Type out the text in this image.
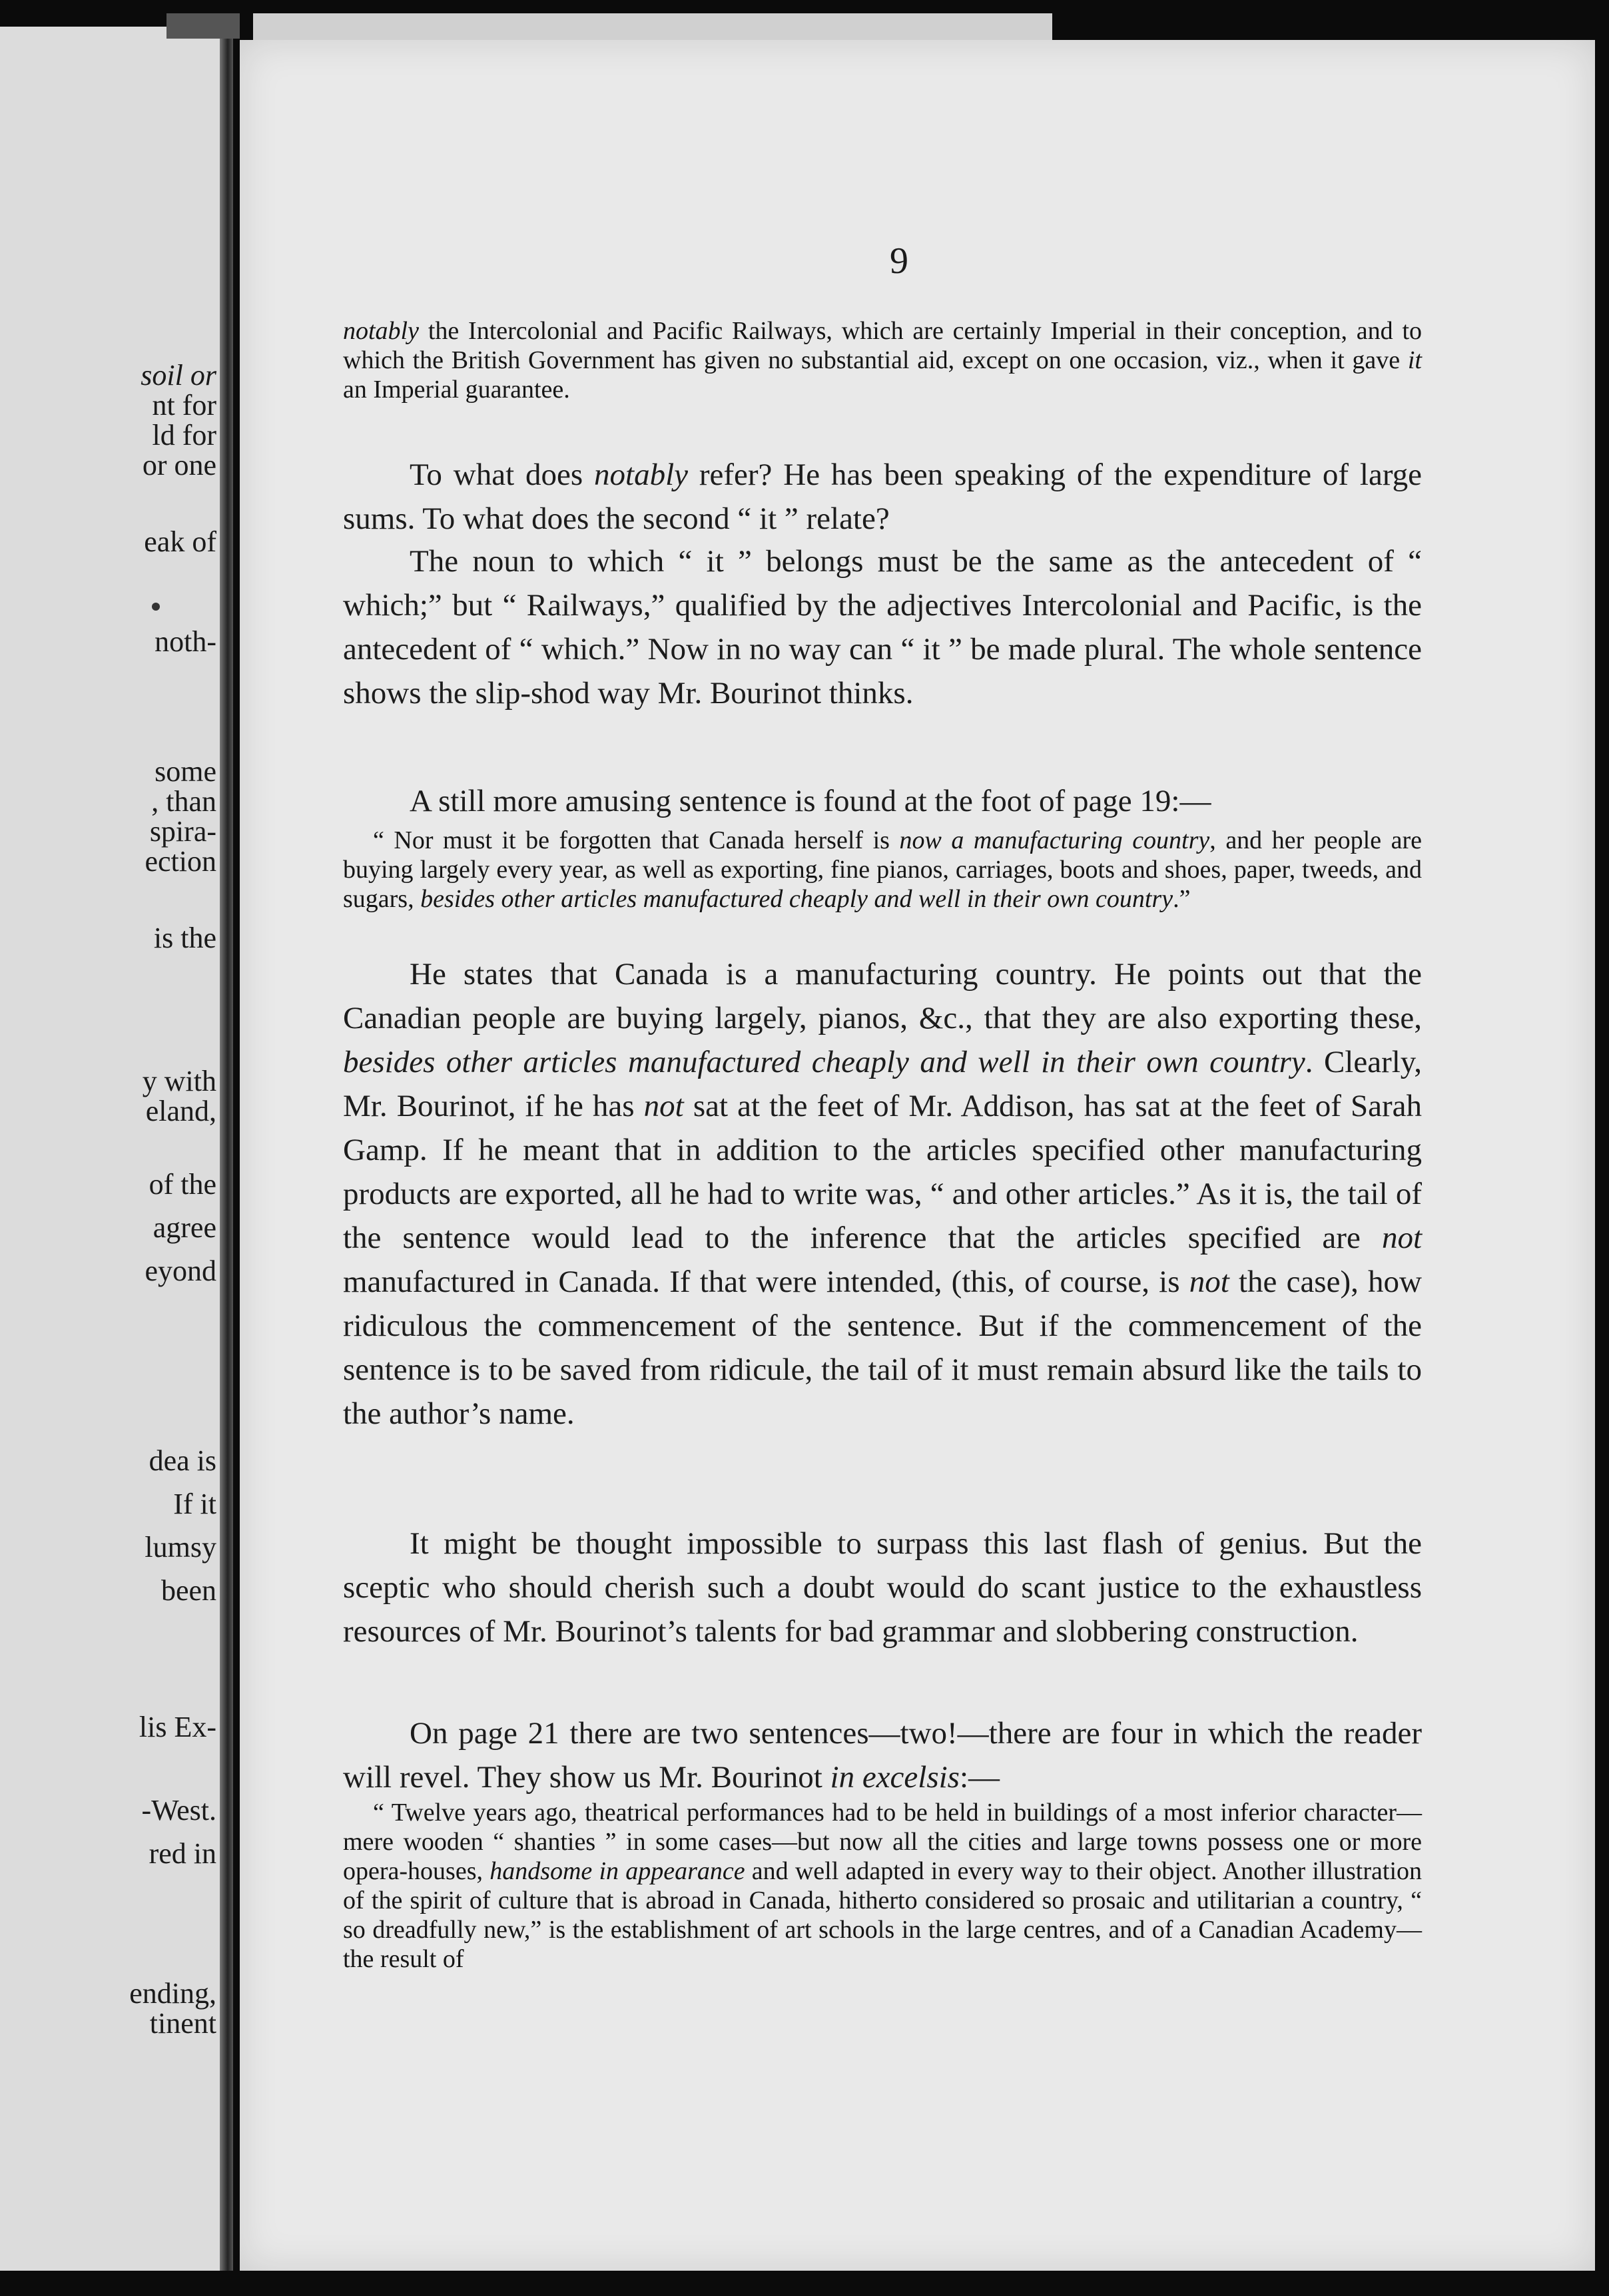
soil or
nt for
ld for
or one
eak of
noth-
some
, than
spira-
ection
is the
y with
eland,
of the
agree
eyond
dea is
If it
lumsy
been
lis Ex-
-West.
red in
ending,
tinent
9

notably the Intercolonial and Pacific Railways, which are certainly Imperial in their conception, and to which the British Government has given no substantial aid, except on one occasion, viz., when it gave it an Imperial guarantee.

To what does notably refer? He has been speaking of the expenditure of large sums. To what does the second “ it ” relate?

The noun to which “ it ” belongs must be the same as the antecedent of “ which;” but “ Railways,” qualified by the adjectives Intercolonial and Pacific, is the antecedent of “ which.” Now in no way can “ it ” be made plural. The whole sentence shows the slip-shod way Mr. Bourinot thinks.

A still more amusing sentence is found at the foot of page 19:—

“ Nor must it be forgotten that Canada herself is now a manufacturing country, and her people are buying largely every year, as well as exporting, fine pianos, carriages, boots and shoes, paper, tweeds, and sugars, besides other articles manufactured cheaply and well in their own country.”

He states that Canada is a manufacturing country. He points out that the Canadian people are buying largely, pianos, &c., that they are also exporting these, besides other articles manufactured cheaply and well in their own country. Clearly, Mr. Bourinot, if he has not sat at the feet of Mr. Addison, has sat at the feet of Sarah Gamp. If he meant that in addition to the articles specified other manufacturing products are exported, all he had to write was, “ and other articles.” As it is, the tail of the sentence would lead to the inference that the articles specified are not manufactured in Canada. If that were intended, (this, of course, is not the case), how ridiculous the commencement of the sentence. But if the commencement of the sentence is to be saved from ridicule, the tail of it must remain absurd like the tails to the author’s name.

It might be thought impossible to surpass this last flash of genius. But the sceptic who should cherish such a doubt would do scant justice to the exhaustless resources of Mr. Bourinot’s talents for bad grammar and slobbering construction.

On page 21 there are two sentences—two!—there are four in which the reader will revel. They show us Mr. Bourinot in excelsis:—

“ Twelve years ago, theatrical performances had to be held in buildings of a most inferior character—mere wooden “ shanties ” in some cases—but now all the cities and large towns possess one or more opera-houses, handsome in appearance and well adapted in every way to their object. Another illustration of the spirit of culture that is abroad in Canada, hitherto considered so prosaic and utilitarian a country, “ so dreadfully new,” is the establishment of art schools in the large centres, and of a Canadian Academy—the result of
